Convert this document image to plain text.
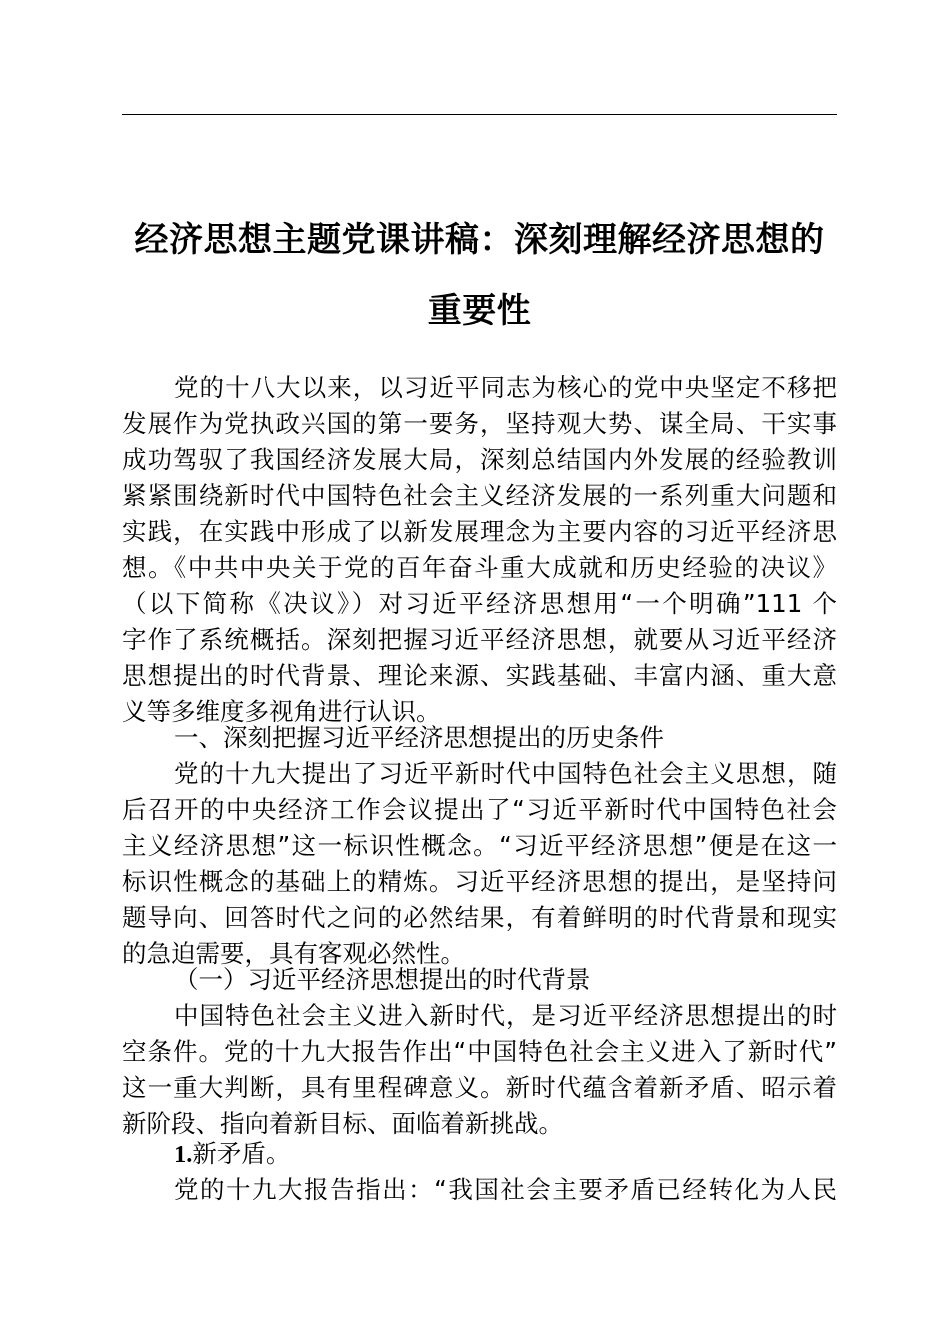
经济思想主题党课讲稿：深刻理解经济思想的
重要性
党的十八大以来，以习近平同志为核心的党中央坚定不移把
发展作为党执政兴国的第一要务，坚持观大势、谋全局、干实事
成功驾驭了我国经济发展大局，深刻总结国内外发展的经验教训
紧紧围绕新时代中国特色社会主义经济发展的一系列重大问题和
实践，在实践中形成了以新发展理念为主要内容的习近平经济思
想。《中共中央关于党的百年奋斗重大成就和历史经验的决议》
（以下简称《决议》）对习近平经济思想用“一个明确”111 个
字作了系统概括。深刻把握习近平经济思想，就要从习近平经济
思想提出的时代背景、理论来源、实践基础、丰富内涵、重大意
义等多维度多视角进行认识。
一、深刻把握习近平经济思想提出的历史条件
党的十九大提出了习近平新时代中国特色社会主义思想，随
后召开的中央经济工作会议提出了“习近平新时代中国特色社会
主义经济思想”这一标识性概念。“习近平经济思想”便是在这一
标识性概念的基础上的精炼。习近平经济思想的提出，是坚持问
题导向、回答时代之问的必然结果，有着鲜明的时代背景和现实
的急迫需要，具有客观必然性。
（一）习近平经济思想提出的时代背景
中国特色社会主义进入新时代，是习近平经济思想提出的时
空条件。党的十九大报告作出“中国特色社会主义进入了新时代”
这一重大判断，具有里程碑意义。新时代蕴含着新矛盾、昭示着
新阶段、指向着新目标、面临着新挑战。
1.新矛盾。
党的十九大报告指出：“我国社会主要矛盾已经转化为人民
